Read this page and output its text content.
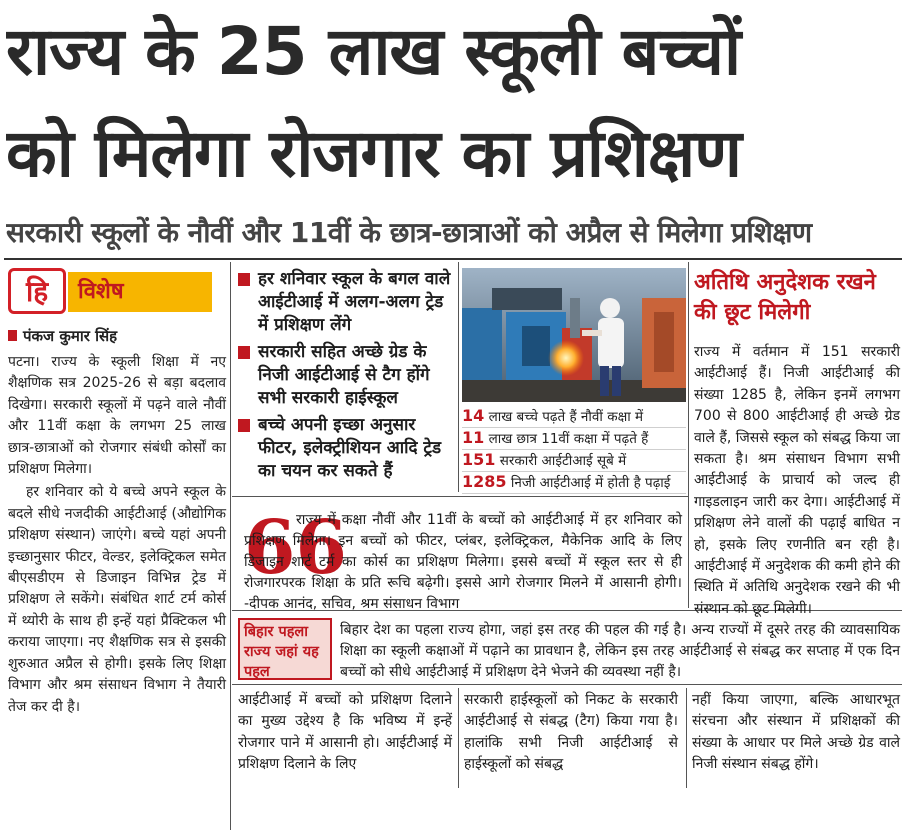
राज्य के 25 लाख स्कूली बच्चों
को मिलेगा रोजगार का प्रशिक्षण
सरकारी स्कूलों के नौवीं और 11वीं के छात्र-छात्राओं को अप्रैल से मिलेगा प्रशिक्षण
हि	विशेष
पंकज कुमार सिंह

पटना। राज्य के स्कूली शिक्षा में नए शैक्षणिक सत्र 2025-26 से बड़ा बदलाव दिखेगा। सरकारी स्कूलों में पढ़ने वाले नौवीं और 11वीं कक्षा के लगभग 25 लाख छात्र-छात्राओं को रोजगार संबंधी कोर्सों का प्रशिक्षण मिलेगा।

हर शनिवार को ये बच्चे अपने स्कूल के बदले सीधे नजदीकी आईटीआई (औद्योगिक प्रशिक्षण संस्थान) जाएंगे। बच्चे यहां अपनी इच्छानुसार फीटर, वेल्डर, इलेक्ट्रिकल समेत बीएसडीएम से डिजाइन विभिन्न ट्रेड में प्रशिक्षण ले सकेंगे। संबंधित शार्ट टर्म कोर्स में थ्योरी के साथ ही इन्हें यहां प्रैक्टिकल भी कराया जाएगा। नए शैक्षणिक सत्र से इसकी शुरुआत अप्रैल से होगी। इसके लिए शिक्षा विभाग और श्रम संसाधन विभाग ने तैयारी तेज कर दी है।

हर शनिवार स्कूल के बगल वाले आईटीआई में अलग-अलग ट्रेड में प्रशिक्षण लेंगे
सरकारी सहित अच्छे ग्रेड के निजी आईटीआई से टैग होंगे सभी सरकारी हाईस्कूल
बच्चे अपनी इच्छा अनुसार फीटर, इलेक्ट्रीशियन आदि ट्रेड का चयन कर सकते हैं
14 लाख बच्चे पढ़ते हैं नौवीं कक्षा में
11 लाख छात्र 11वीं कक्षा में पढ़ते हैं
151 सरकारी आईटीआई सूबे में
1285 निजी आईटीआई में होती है पढ़ाई
अतिथि अनुदेशक रखने की छूट मिलेगी
राज्य में वर्तमान में 151 सरकारी आईटीआई हैं। निजी आईटीआई की संख्या 1285 है, लेकिन इनमें लगभग 700 से 800 आईटीआई ही अच्छे ग्रेड वाले हैं, जिससे स्कूल को संबद्ध किया जा सकता है। श्रम संसाधन विभाग सभी आईटीआई के प्राचार्य को जल्द ही गाइडलाइन जारी कर देगा। आईटीआई में प्रशिक्षण लेने वालों की पढ़ाई बाधित न हो, इसके लिए रणनीति बन रही है। आईटीआई में अनुदेशक की कमी होने की स्थिति में अतिथि अनुदेशक रखने की भी संस्थान को छूट मिलेगी।
66
राज्य में कक्षा नौवीं और 11वीं के बच्चों को आईटीआई में हर शनिवार को प्रशिक्षण मिलेगा। इन बच्चों को फीटर, प्लंबर, इलेक्ट्रिकल, मैकेनिक आदि के लिए डिजाइन शार्ट टर्म का कोर्स का प्रशिक्षण मिलेगा। इससे बच्चों में स्कूल स्तर से ही रोजगारपरक शिक्षा के प्रति रूचि बढ़ेगी। इससे आगे रोजगार मिलने में आसानी होगी। -दीपक आनंद, सचिव, श्रम संसाधन विभाग
बिहार पहला राज्य जहां यह पहल
बिहार देश का पहला राज्य होगा, जहां इस तरह की पहल की गई है। अन्य राज्यों में दूसरे तरह की व्यावसायिक शिक्षा का स्कूली कक्षाओं में पढ़ाने का प्रावधान है, लेकिन इस तरह आईटीआई से संबद्ध कर सप्ताह में एक दिन बच्चों को सीधे आईटीआई में प्रशिक्षण देने भेजने की व्यवस्था नहीं है।
आईटीआई में बच्चों को प्रशिक्षण दिलाने का मुख्य उद्देश्य है कि भविष्य में इन्हें रोजगार पाने में आसानी हो। आईटीआई में प्रशिक्षण दिलाने के लिए
सरकारी हाईस्कूलों को निकट के सरकारी आईटीआई से संबद्ध (टैग) किया गया है। हालांकि सभी निजी आईटीआई से हाईस्कूलों को संबद्ध
नहीं किया जाएगा, बल्कि आधारभूत संरचना और संस्थान में प्रशिक्षकों की संख्या के आधार पर मिले अच्छे ग्रेड वाले निजी संस्थान संबद्ध होंगे।
